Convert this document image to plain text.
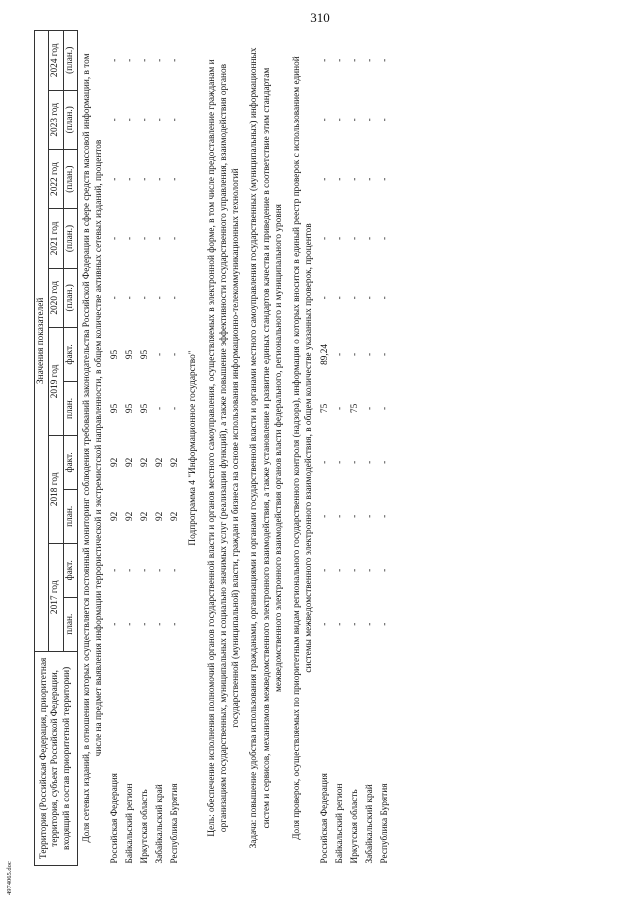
310
4974065.doc
Территория (Российская Федерация, приоритетная территория, субъект Российской Федерации, входящий в состав приоритетной территории)	Значения показателей										
	2017 год		2018 год		2019 год		2020 год	2021 год	2022 год	2023 год	2024 год
	план.	факт.	план.	факт.	план.	факт.	(план.)	(план.)	(план.)	(план.)	(план.)
Доля сетевых изданий, в отношении которых осуществляется постоянный мониторинг соблюдения требований законодательства Российской Федерации в сфере средств массовой информации, в том числе на предмет выявления информации террористической и экстремистской направленности, в общем количестве активных сетевых изданий, процентов											
Российская Федерация	-	-	92	92	95	95	-	-	-	-	-
Байкальский регион	-	-	92	92	95	95	-	-	-	-	-
Иркутская область	-	-	92	92	95	95	-	-	-	-	-
Забайкальский край	-	-	92	92	-	-	-	-	-	-	-
Республика Бурятия	-	-	92	92	-	-	-	-	-	-	-
Подпрограмма 4 "Информационное государство"											
Цель: обеспечение исполнения полномочий органов государственной власти и органов местного самоуправления, осуществляемых в электронной форме, в том числе предоставление гражданам и организациям государственных, муниципальных и социально значимых услуг (реализации функций), а также повышение эффективности государственного управления, взаимодействия органов государственной (муниципальной) власти, граждан и бизнеса на основе использования информационно-телекоммуникационных технологий											
Задача: повышение удобства использования гражданами, организациями и органами государственной власти и органами местного самоуправления государственных (муниципальных) информационных систем и сервисов, механизмов межведомственного электронного взаимодействия, а также установление и развитие единых стандартов качества и приведение в соответствие этим стандартам межведомственного электронного взаимодействия органов власти федерального, регионального и муниципального уровня											
Доля проверок, осуществляемых по приоритетным видам регионального государственного контроля (надзора), информация о которых вносится в единый реестр проверок с использованием единой системы межведомственного электронного взаимодействия, в общем количестве указанных проверок, процентов											
Российская Федерация	-	-	-	-	75	89,24	-	-	-	-	-
Байкальский регион	-	-	-	-	-	-	-	-	-	-	-
Иркутская область	-	-	-	-	75	-	-	-	-	-	-
Забайкальский край	-	-	-	-	-	-	-	-	-	-	-
Республика Бурятия	-	-	-	-	-	-	-	-	-	-	-
